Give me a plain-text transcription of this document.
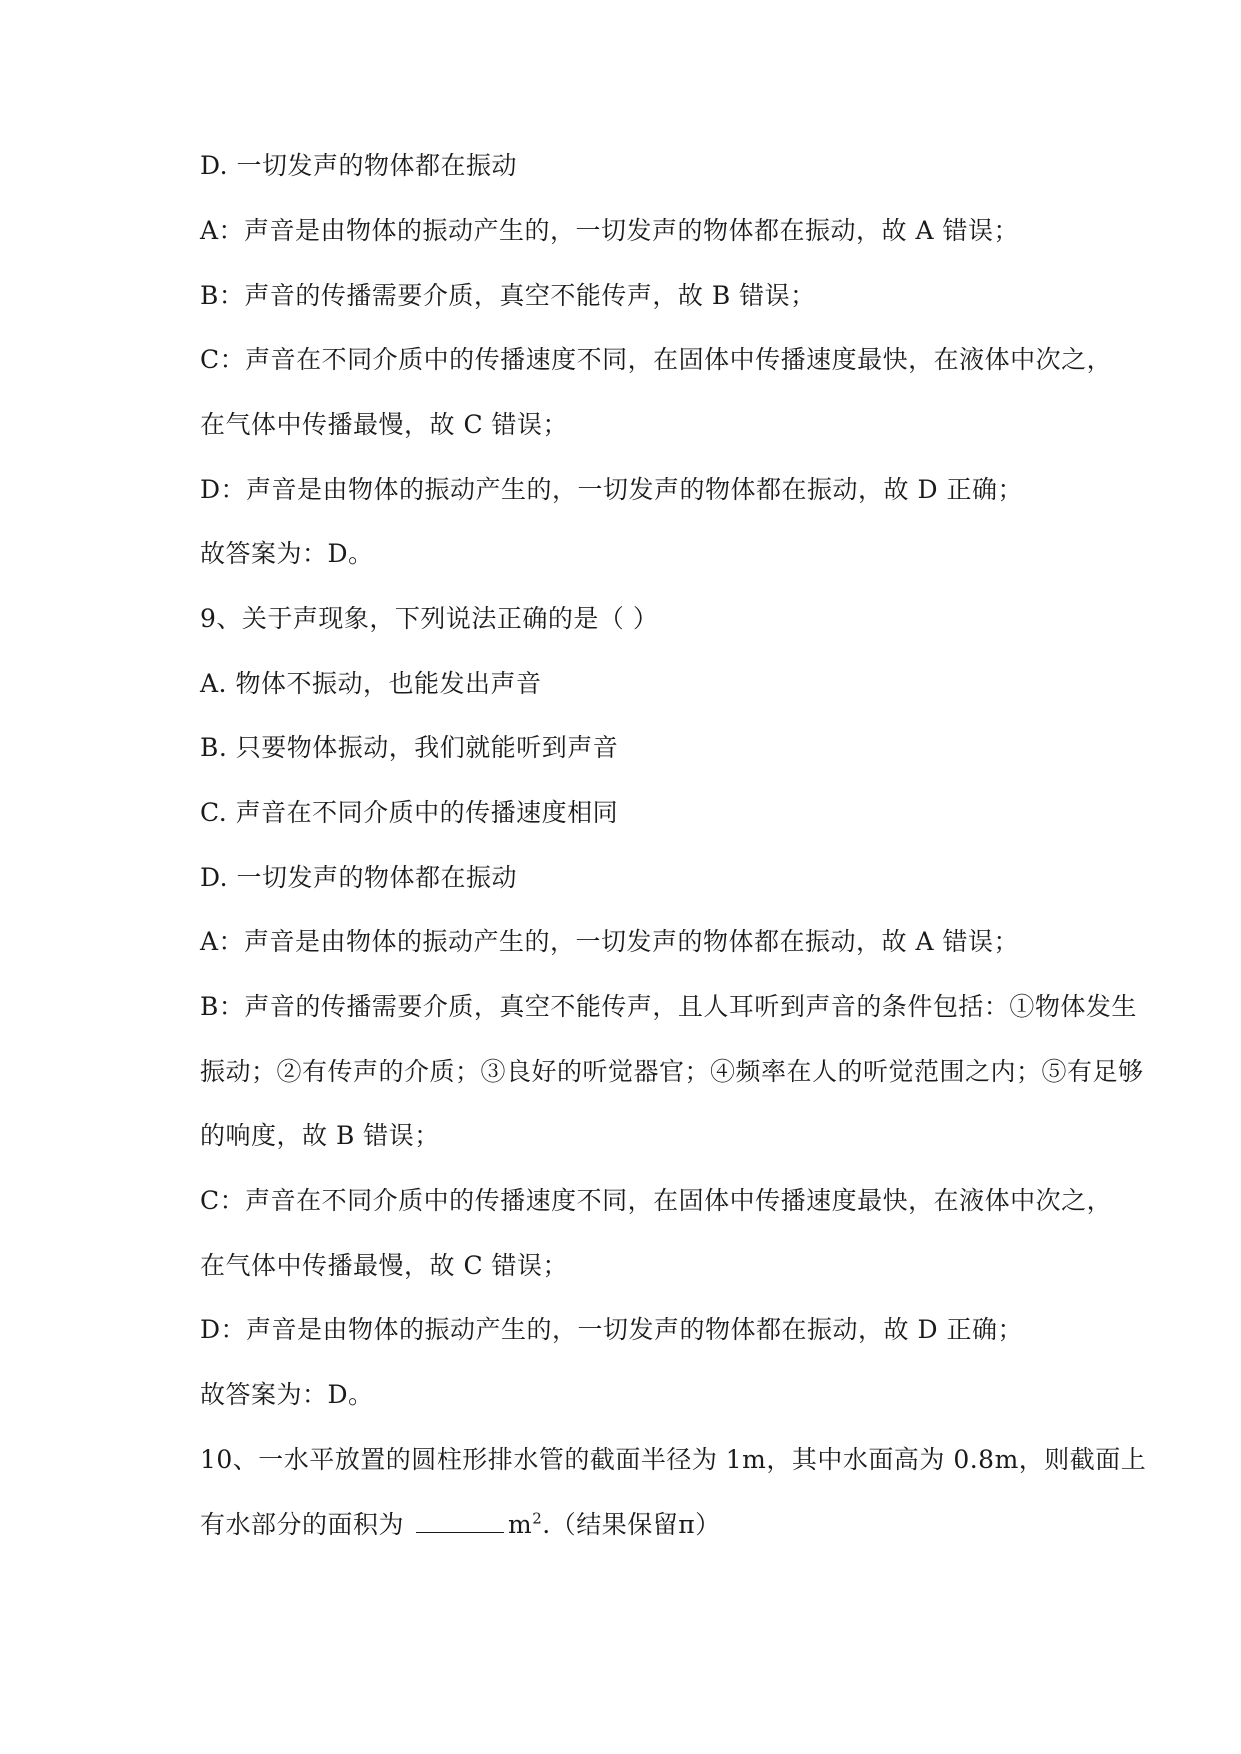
D. 一切发声的物体都在振动
A：声音是由物体的振动产生的，一切发声的物体都在振动，故 A 错误；
B：声音的传播需要介质，真空不能传声，故 B 错误；
C：声音在不同介质中的传播速度不同，在固体中传播速度最快，在液体中次之，
在气体中传播最慢，故 C 错误；
D：声音是由物体的振动产生的，一切发声的物体都在振动，故 D 正确；
故答案为：D。
9、关于声现象，下列说法正确的是（ ）
A. 物体不振动，也能发出声音
B. 只要物体振动，我们就能听到声音
C. 声音在不同介质中的传播速度相同
D. 一切发声的物体都在振动
A：声音是由物体的振动产生的，一切发声的物体都在振动，故 A 错误；
B：声音的传播需要介质，真空不能传声，且人耳听到声音的条件包括：①物体发生
振动；②有传声的介质；③良好的听觉器官；④频率在人的听觉范围之内；⑤有足够
的响度，故 B 错误；
C：声音在不同介质中的传播速度不同，在固体中传播速度最快，在液体中次之，
在气体中传播最慢，故 C 错误；
D：声音是由物体的振动产生的，一切发声的物体都在振动，故 D 正确；
故答案为：D。
10、一水平放置的圆柱形排水管的截面半径为 1m，其中水面高为 0.8m，则截面上
有水部分的面积为	$m^2$.（结果保留π）
